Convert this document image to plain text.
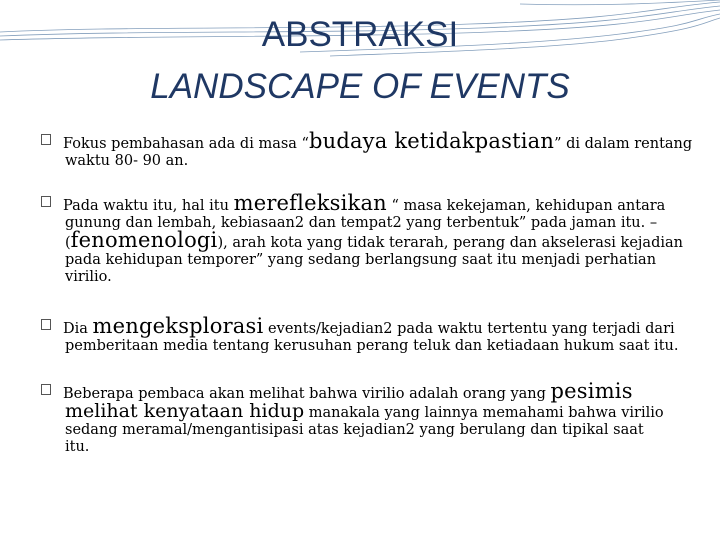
ABSTRAKSI
LANDSCAPE OF EVENTS
Fokus pembahasan ada di masa “budaya ketidakpastian” di dalam rentang
waktu 80- 90 an.
Pada waktu itu, hal itu merefleksikan “ masa kekejaman, kehidupan antara
gunung dan lembah, kebiasaan2 dan tempat2 yang terbentuk” pada jaman itu. –
(fenomenologi), arah kota yang tidak terarah, perang dan akselerasi kejadian
pada kehidupan temporer” yang sedang berlangsung saat itu menjadi perhatian
virilio.
Dia mengeksplorasi events/kejadian2 pada waktu tertentu yang terjadi dari
pemberitaan media tentang kerusuhan perang teluk dan ketiadaan hukum saat itu.
Beberapa pembaca akan melihat bahwa virilio adalah orang yang pesimis
melihat kenyataan hidup manakala yang lainnya memahami bahwa virilio
sedang meramal/mengantisipasi atas kejadian2 yang berulang dan tipikal saat
itu.
